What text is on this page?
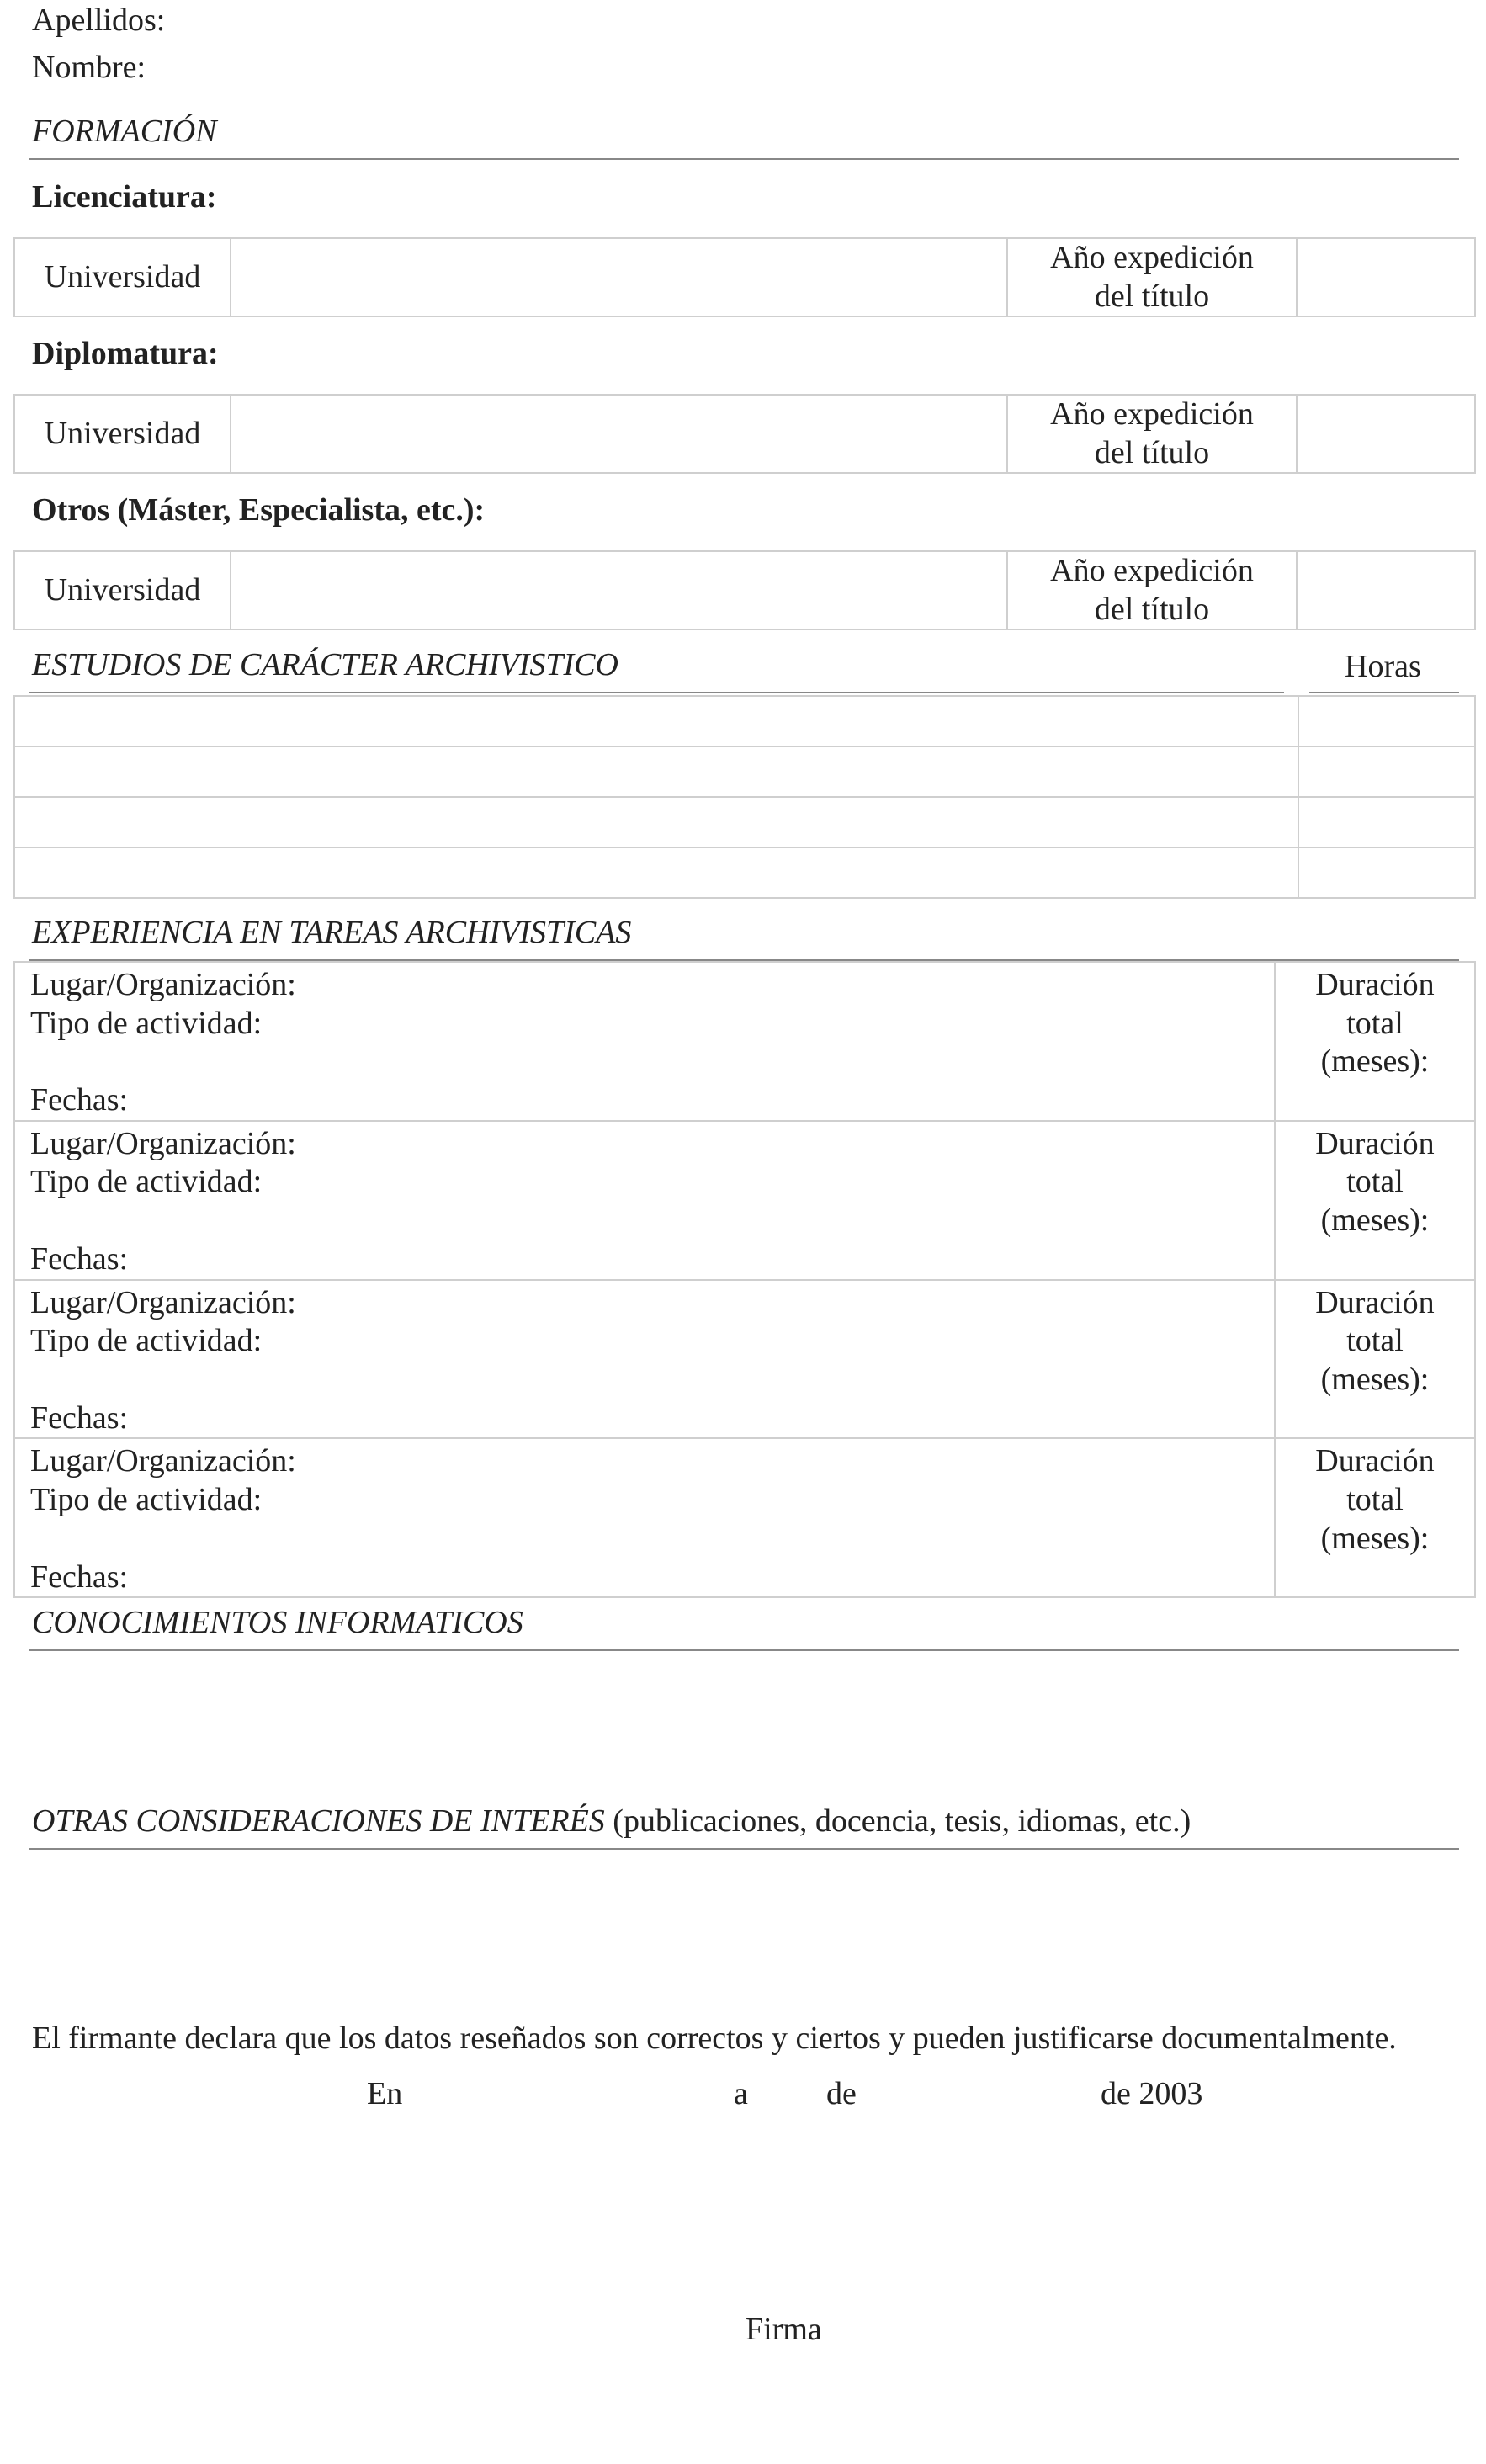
Apellidos:
Nombre:
FORMACIÓN
Licenciatura:
Universidad		Año expedición
del título	
Diplomatura:
Universidad		Año expedición
del título	
Otros (Máster, Especialista, etc.):
Universidad		Año expedición
del título	
ESTUDIOS DE CARÁCTER ARCHIVISTICO	Horas

EXPERIENCIA EN TAREAS ARCHIVISTICAS
Lugar/Organización:
Tipo de actividad:
Fechas:	Duración
total
(meses):
Lugar/Organización:
Tipo de actividad:
Fechas:	Duración
total
(meses):
Lugar/Organización:
Tipo de actividad:
Fechas:	Duración
total
(meses):
Lugar/Organización:
Tipo de actividad:
Fechas:	Duración
total
(meses):
CONOCIMIENTOS INFORMATICOS
OTRAS CONSIDERACIONES DE INTERÉS (publicaciones, docencia, tesis, idiomas, etc.)
El firmante declara que los datos reseñados son correctos y ciertos y pueden justificarse documentalmente.
En	a de	de 2003
Firma
